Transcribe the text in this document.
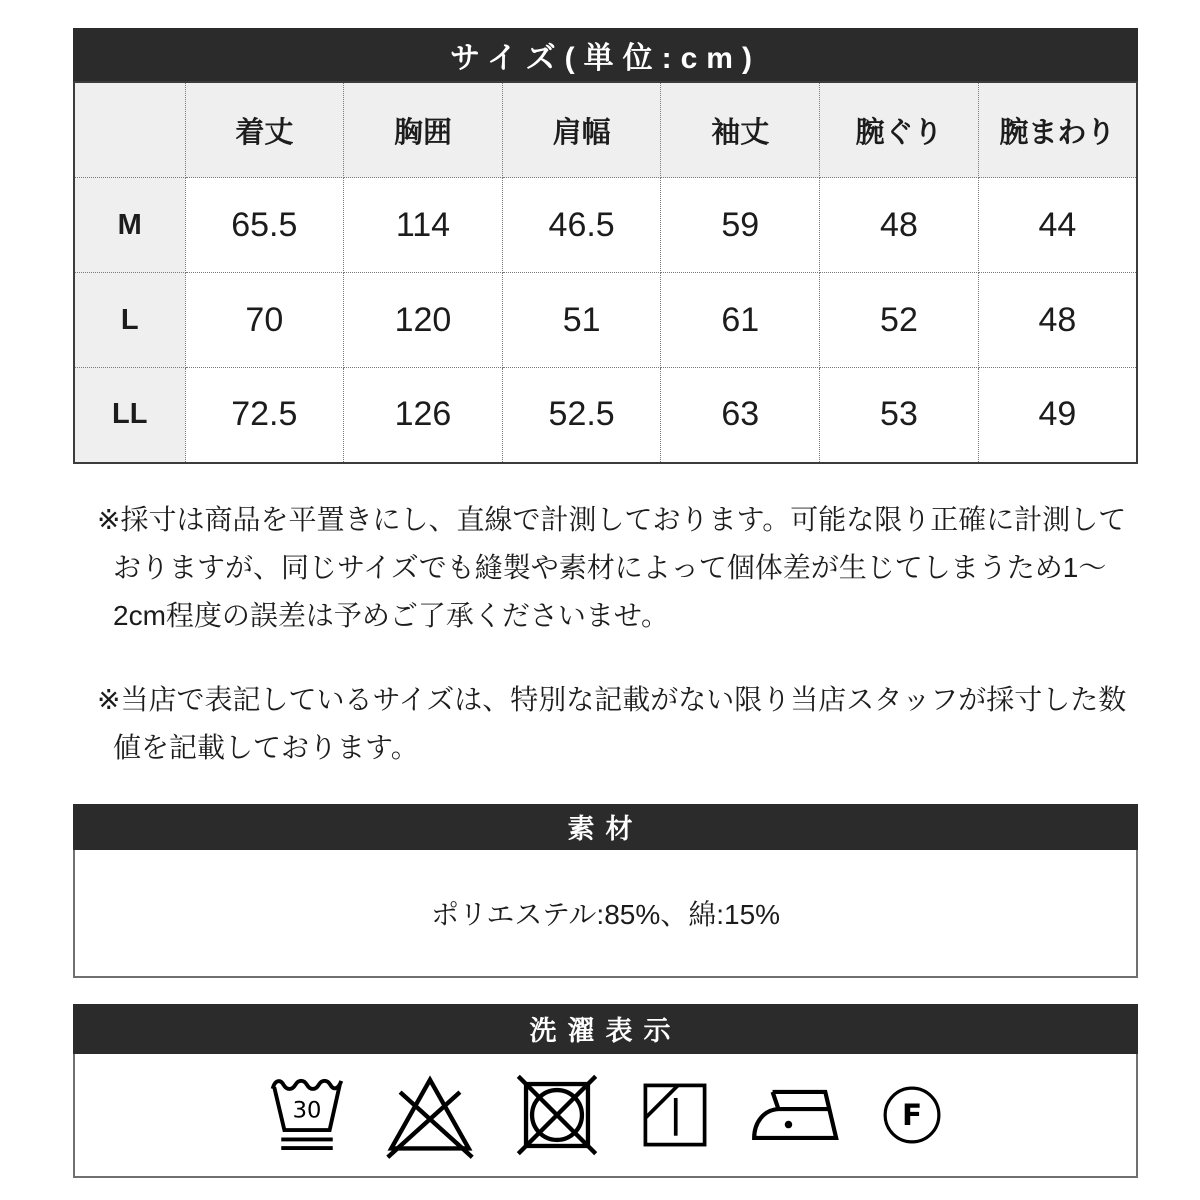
サイズ(単位:cm)
	着丈	胸囲	肩幅	袖丈	腕ぐり	腕まわり
M	65.5	114	46.5	59	48	44
L	70	120	51	61	52	48
LL	72.5	126	52.5	63	53	49

※採寸は商品を平置きにし、直線で計測しております。可能な限り正確に計測しておりますが、同じサイズでも縫製や素材によって個体差が生じてしまうため1〜2cm程度の誤差は予めご了承くださいませ。

※当店で表記しているサイズは、特別な記載がない限り当店スタッフが採寸した数値を記載しております。

素材
ポリエステル:85%、綿:15%
洗濯表示
30	F
